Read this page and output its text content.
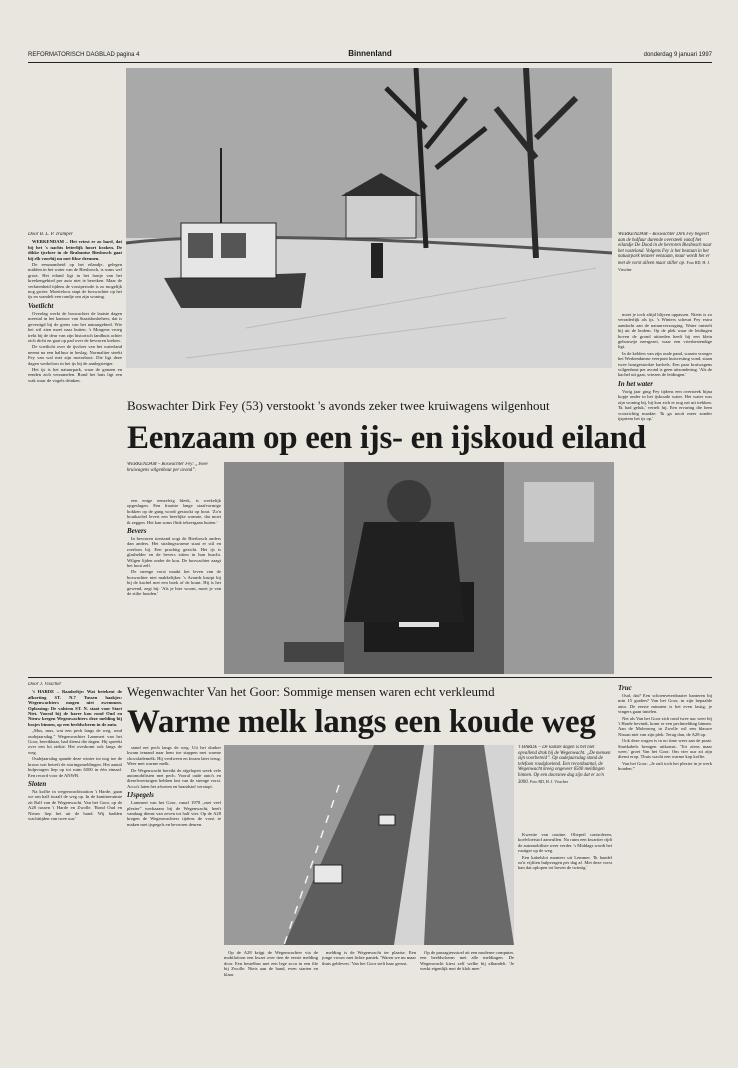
REFORMATORISCH DAGBLAD pagina 4	Binnenland	donderdag 9 januari 1997
Door B. L. P. Tramper

WERKENDAM – Het vriest er zo hard, dat bij het 's nachts letterlijk hoort kraken. De dikke ijsvloer in de Brabantse Biesbosch gaat bij elk voorbij nu met fikse dreunen.

De eenzaamheid op het eilandje, gelegen midden in het water van de Biesbosch, is soms wel groot. Het eiland ligt in het hartje van het kreekengebied per auto niet te bereiken. Maar de verlatenheid tijdens de vorstperiode is zo mogelijk nog groter. Moeiteloos stapt de boswachter op het ijs en wandelt een rondje om zijn woning.

Voetlicht

Overdag werkt de boswachter de laatste dagen meestal in het kantoor van Staatsbosbeheer, dat is gevestigd bij de grens van het natuurgebied. Wie het wil zien moet naar buiten. 's Morgens vroeg trekt hij de deur van zijn historisch landhuis achter zich dicht en gaat op pad over de bevroren kreken.

De voetlicht over de ijsvloer van het waterland neemt na een halfuur in beslag. Normaliter steekt Fey van wal met zijn motorboot. Die ligt deze dagen werkeloos in het ijs bij de aanlegsteiger.

Het ijs is het natuurpark, waar de ganzen en eenden zich verzamelen. Rond het huis ligt een wak waar de vogels drinken.

WERKENDAM – Boswachter Dirk Fey begeert aan de halfuur durende oversteek vanaf het eilandje De Dood in de bevroren Biesbosch naar het vasteland. Volgens Fey is het bestaan in het natuurpark tenzeer eenzaam, maar wordt het er met de vorst alleen maar stiller op. Foto RD, H. J. Visscher

moet je toch altijd blijven oppassen. Nietts is zo verraderlijk als ijs. 's Winters scheurt Fey extra aandacht aan de natuurverzorging. Water ontstelt hij uit de bodem. Op de plek waar de leidingen boven de grond uittreden heeft hij een klein gebouwtje neergezet, waar een vriesbestendige ligt.

In de kelders van zijn oude pand, waarin vroeger het Werkendamse veerpont huisvesting vond, staan twee houtgestookte kachels. Een paar kruiwagens wilgenhout per avond is geen uitzondering. 'Als de kachel uit gaat, vriezen de leidingen.'

In het water

Vorig jaar ging Fey tijdens een oversteek bijna kopje onder in het ijskoude water. Het water was zijn woning bij, hij kon zich er nog net uit trekken. 'Ik had geluk,' vertelt hij. Een ervaring die hem voorzichtig maakte: 'Ik ga nooit meer zonder ijspriem het ijs op.'

Boswachter Dirk Fey (53) verstookt 's avonds zeker twee kruiwagens wilgenhout
Eenzaam op een ijs- en ijskoud eiland
WERKENDAM – Boswachter Fey: „Twee kruiwagens wilgenhout per avond”.

een enige eenzelvig bleek, is werkelijk opgeslagen. Een fraaiste lange staafvormige hokken op de gang wordt gestookt op hout. 'Zo'n houtkachel levert een heerlijke warmte, dat moet ik zeggen. Het kan soms flink tekeergaan buiten.'

Bevers

In bevroren toestand oogt de Biesbosch anders dan anders. Het stralingswarme staat er stil en roerloos bij. Een prachtig gezicht. Het ijs is glashelder en de bevers zitten in hun burcht. Wilgen lijden onder de kou. De boswachter zaagt het hout zelf.

De strenge vorst maakt het leven van de boswachter niet makkelijker. 's Avonds kruipt hij bij de kachel met een boek of de krant. Hij is het gewend, zegt hij: 'Als je hier woont, moet je van de stilte houden.'

Door J. Visscher

't HARDE – Raadseltje: Wat betekent de afkorting ST. N.7 Tussen haakjes: Wegenwachters mogen niet zwemmen. Oplossing: De valstrm ST. N. staat voor Start Niet. Vooral bij de barre kou rond Oud en Nieuw kregen Wegenwachters deze melding bij bosjes binnen, op een beeldscherm in de auto.

„Mus, mus, wat een pech langs de weg, rond oudejaarsdag.” Wegenwachter Lammert van het Goor, bereikbaar, had dienst die dagen. Hij spreekt over een lot ziekte. Het overkomt ook langs de weg.

Oudejaarsdag spande deze winter tot nog toe de kroon wat betreft de storingsmeldingen. Het aantal hulpvragen liep op tot ruim 6500 in één etmaal. Een record voor de ANWB.

Sloten

Na koffie in wegenwachtstation 't Harde, gaan we om half twaalf de weg op. In de kantineruimte zit Ralf van de Wegenwacht. Van het Goor, op de A28 tussen 't Harde en Zwolle. 'Rond Oud en Nieuw liep het uit de hand. Wij hadden wachttijden van twee uur.'

Wegenwachter Van het Goor: Sommige mensen waren echt verkleumd
Warme melk langs een koude weg

stand net pech langs de weg. Uit het donker kwam iemand naar hem toe stappen met warme chocolademelk. Hij verdween en kwam later terug. Weer met warme melk.

De Wegenwacht bereikt de afgelopen week vele automobilisten met pech. Vooral oude auto's en dieselvoertuigen hebben last van de strenge vorst. Accu's laten het afweten en brandstof verstopt.

IJspegels

Lammert van het Goor, vanaf 1978 „met veel plezier” werkzaam bij de Wegenwacht, heeft vandaag dienst van zeven tot half vier. Op de A28 kregen de Wegenwachters tijdens de vorst te maken met ijspegels en bevroren deuren.

Op de A28 krijgt de Wegenwachter via de mobilofoon een kwart over tien de eerste melding door. Een bestelbus met een lege accu in een file bij Zwolle. Niets aan de hand, even starten en klaar.

melding is de Wegenwacht ter plaatse. Een jonge vrouw met lichte paniek. 'Waren we nu maar thuis gebleven.' Van het Goor stelt haar gerust.

Op de passagiersstoel zit een moderne computer, een beeldscherm met alle meldingen. De Wegenwacht kiest zelf welke hij afhandelt. 'Je werkt eigenlijk met de klok mee.'

't HARDE – De laatste dagen is het niet opvallend druk bij de Wegenwacht. „De mensen zijn voorbereid”. Op oudejaarsdag stond de telefoon roodgloeiend. Een recordaantal, de Wegenwacht kreeg ongeveer 6500 meldingen binnen. Op een doorsnee dag zijn dat er zo'n 3000. Foto RD, H. J. Visscher

Kwestie van routine. Oliepeil controleren, koelvloeistof aanvullen. Na ruim een kwartier rijdt de automobiliste weer verder. 's Middags wordt het rustiger op de weg.

Een kabelslot monteer uit Lemmer. 'Ik handel zo'n vijftien hulpvragen per dag af. Met deze vorst kan dat oplopen tot boven de twintig.'

Truc

Oud, dat? Een schoenveterdraaier hanteren bij min 15 graden? Van het Goor, in zijn bepaalde auto. De eerste minuten is het even lastig, je vingers gaan tintelen.

Net als Van het Goor zich rond twee uur weer bij 't Harde bevindt, komt er een pechmelding binnen. Aan de Molenweg in Zwolle wil een blauwe Nissan niet van zijn plek. Terug dan, de A28 op.

Ook deze wagen is in no time weer aan de praat. Startkabels brengen uitkomst. 'Tot ziens maar weer,' groet Van het Goor. Om vier uur zit zijn dienst erop. Thuis wacht een warme kop koffie.

Van het Goor: „Je zult toch het plezier in je werk houden.”
